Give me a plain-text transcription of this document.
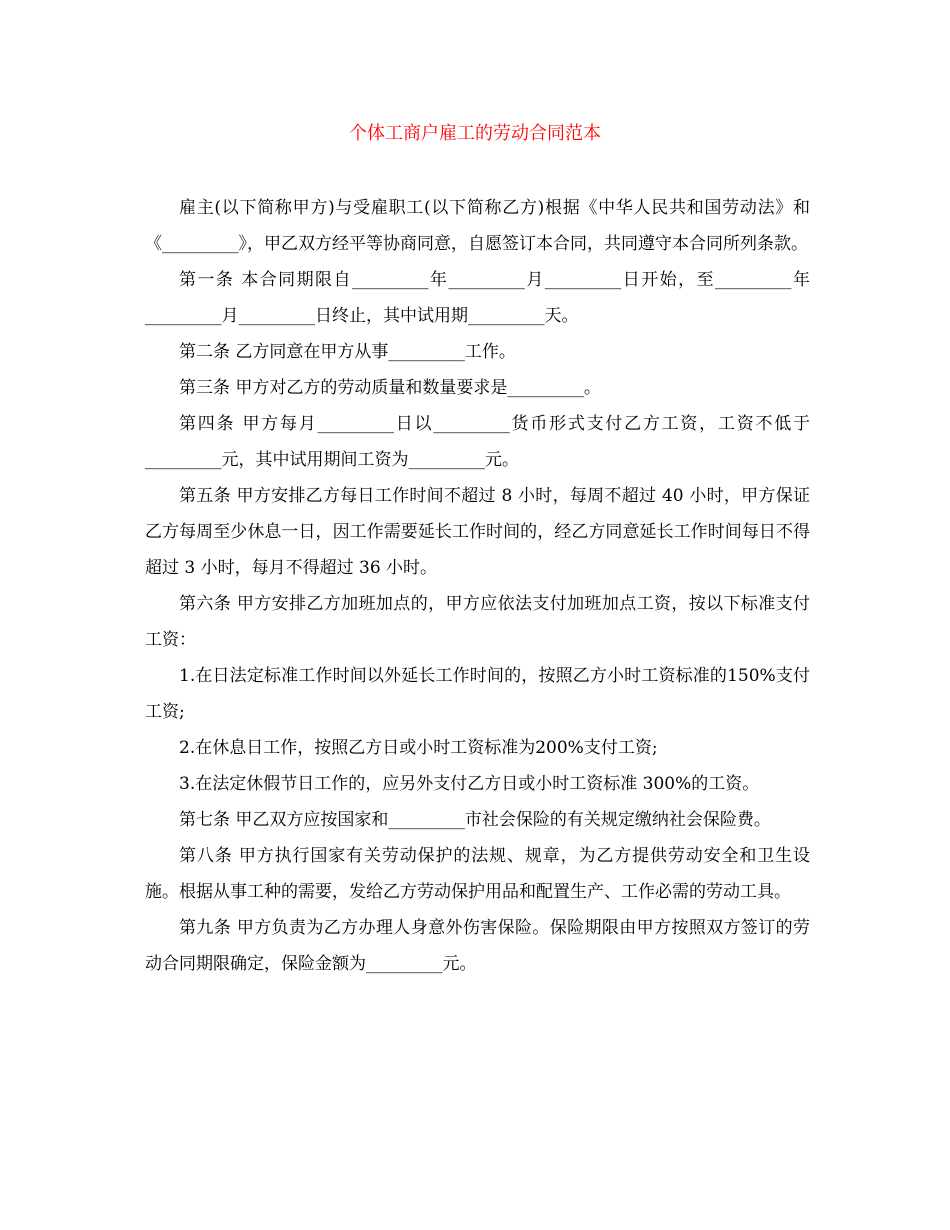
个体工商户雇工的劳动合同范本

雇主(以下简称甲方)与受雇职工(以下简称乙方)根据《中华人民共和国劳动法》和《_________》，甲乙双方经平等协商同意，自愿签订本合同，共同遵守本合同所列条款。

第一条 本合同期限自_________年_________月_________日开始，至_________年_________月_________日终止，其中试用期_________天。

第二条 乙方同意在甲方从事_________工作。

第三条 甲方对乙方的劳动质量和数量要求是_________。

第四条 甲方每月_________日以_________货币形式支付乙方工资，工资不低于_________元，其中试用期间工资为_________元。

第五条 甲方安排乙方每日工作时间不超过 8 小时，每周不超过 40 小时，甲方保证乙方每周至少休息一日，因工作需要延长工作时间的，经乙方同意延长工作时间每日不得超过 3 小时，每月不得超过 36 小时。

第六条 甲方安排乙方加班加点的，甲方应依法支付加班加点工资，按以下标准支付工资：

1.在日法定标准工作时间以外延长工作时间的，按照乙方小时工资标准的150%支付工资;

2.在休息日工作，按照乙方日或小时工资标准为200%支付工资;

3.在法定休假节日工作的，应另外支付乙方日或小时工资标准 300%的工资。

第七条 甲乙双方应按国家和_________市社会保险的有关规定缴纳社会保险费。

第八条 甲方执行国家有关劳动保护的法规、规章，为乙方提供劳动安全和卫生设施。根据从事工种的需要，发给乙方劳动保护用品和配置生产、工作必需的劳动工具。

第九条 甲方负责为乙方办理人身意外伤害保险。保险期限由甲方按照双方签订的劳动合同期限确定，保险金额为_________元。
